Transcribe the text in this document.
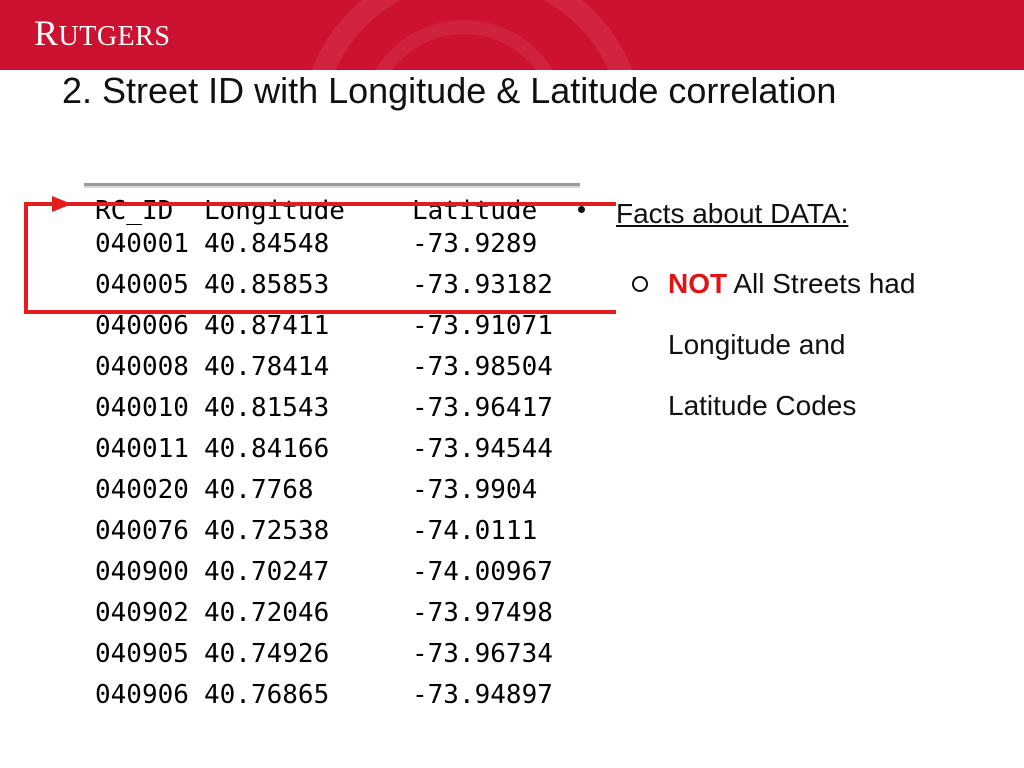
RUTGERS
2. Street ID with Longitude & Latitude correlation
RC_ID Longitude	Latitude
040001 40.84548	-73.9289
040005 40.85853	-73.93182
040006 40.87411	-73.91071
040008 40.78414	-73.98504
040010 40.81543	-73.96417
040011 40.84166	-73.94544
040020 40.7768	-73.9904
040076 40.72538	-74.0111
040900 40.70247	-74.00967
040902 40.72046	-73.97498
040905 40.74926	-73.96734
040906 40.76865	-73.94897
Facts about DATA:
NOT All Streets had
Longitude and
Latitude Codes
